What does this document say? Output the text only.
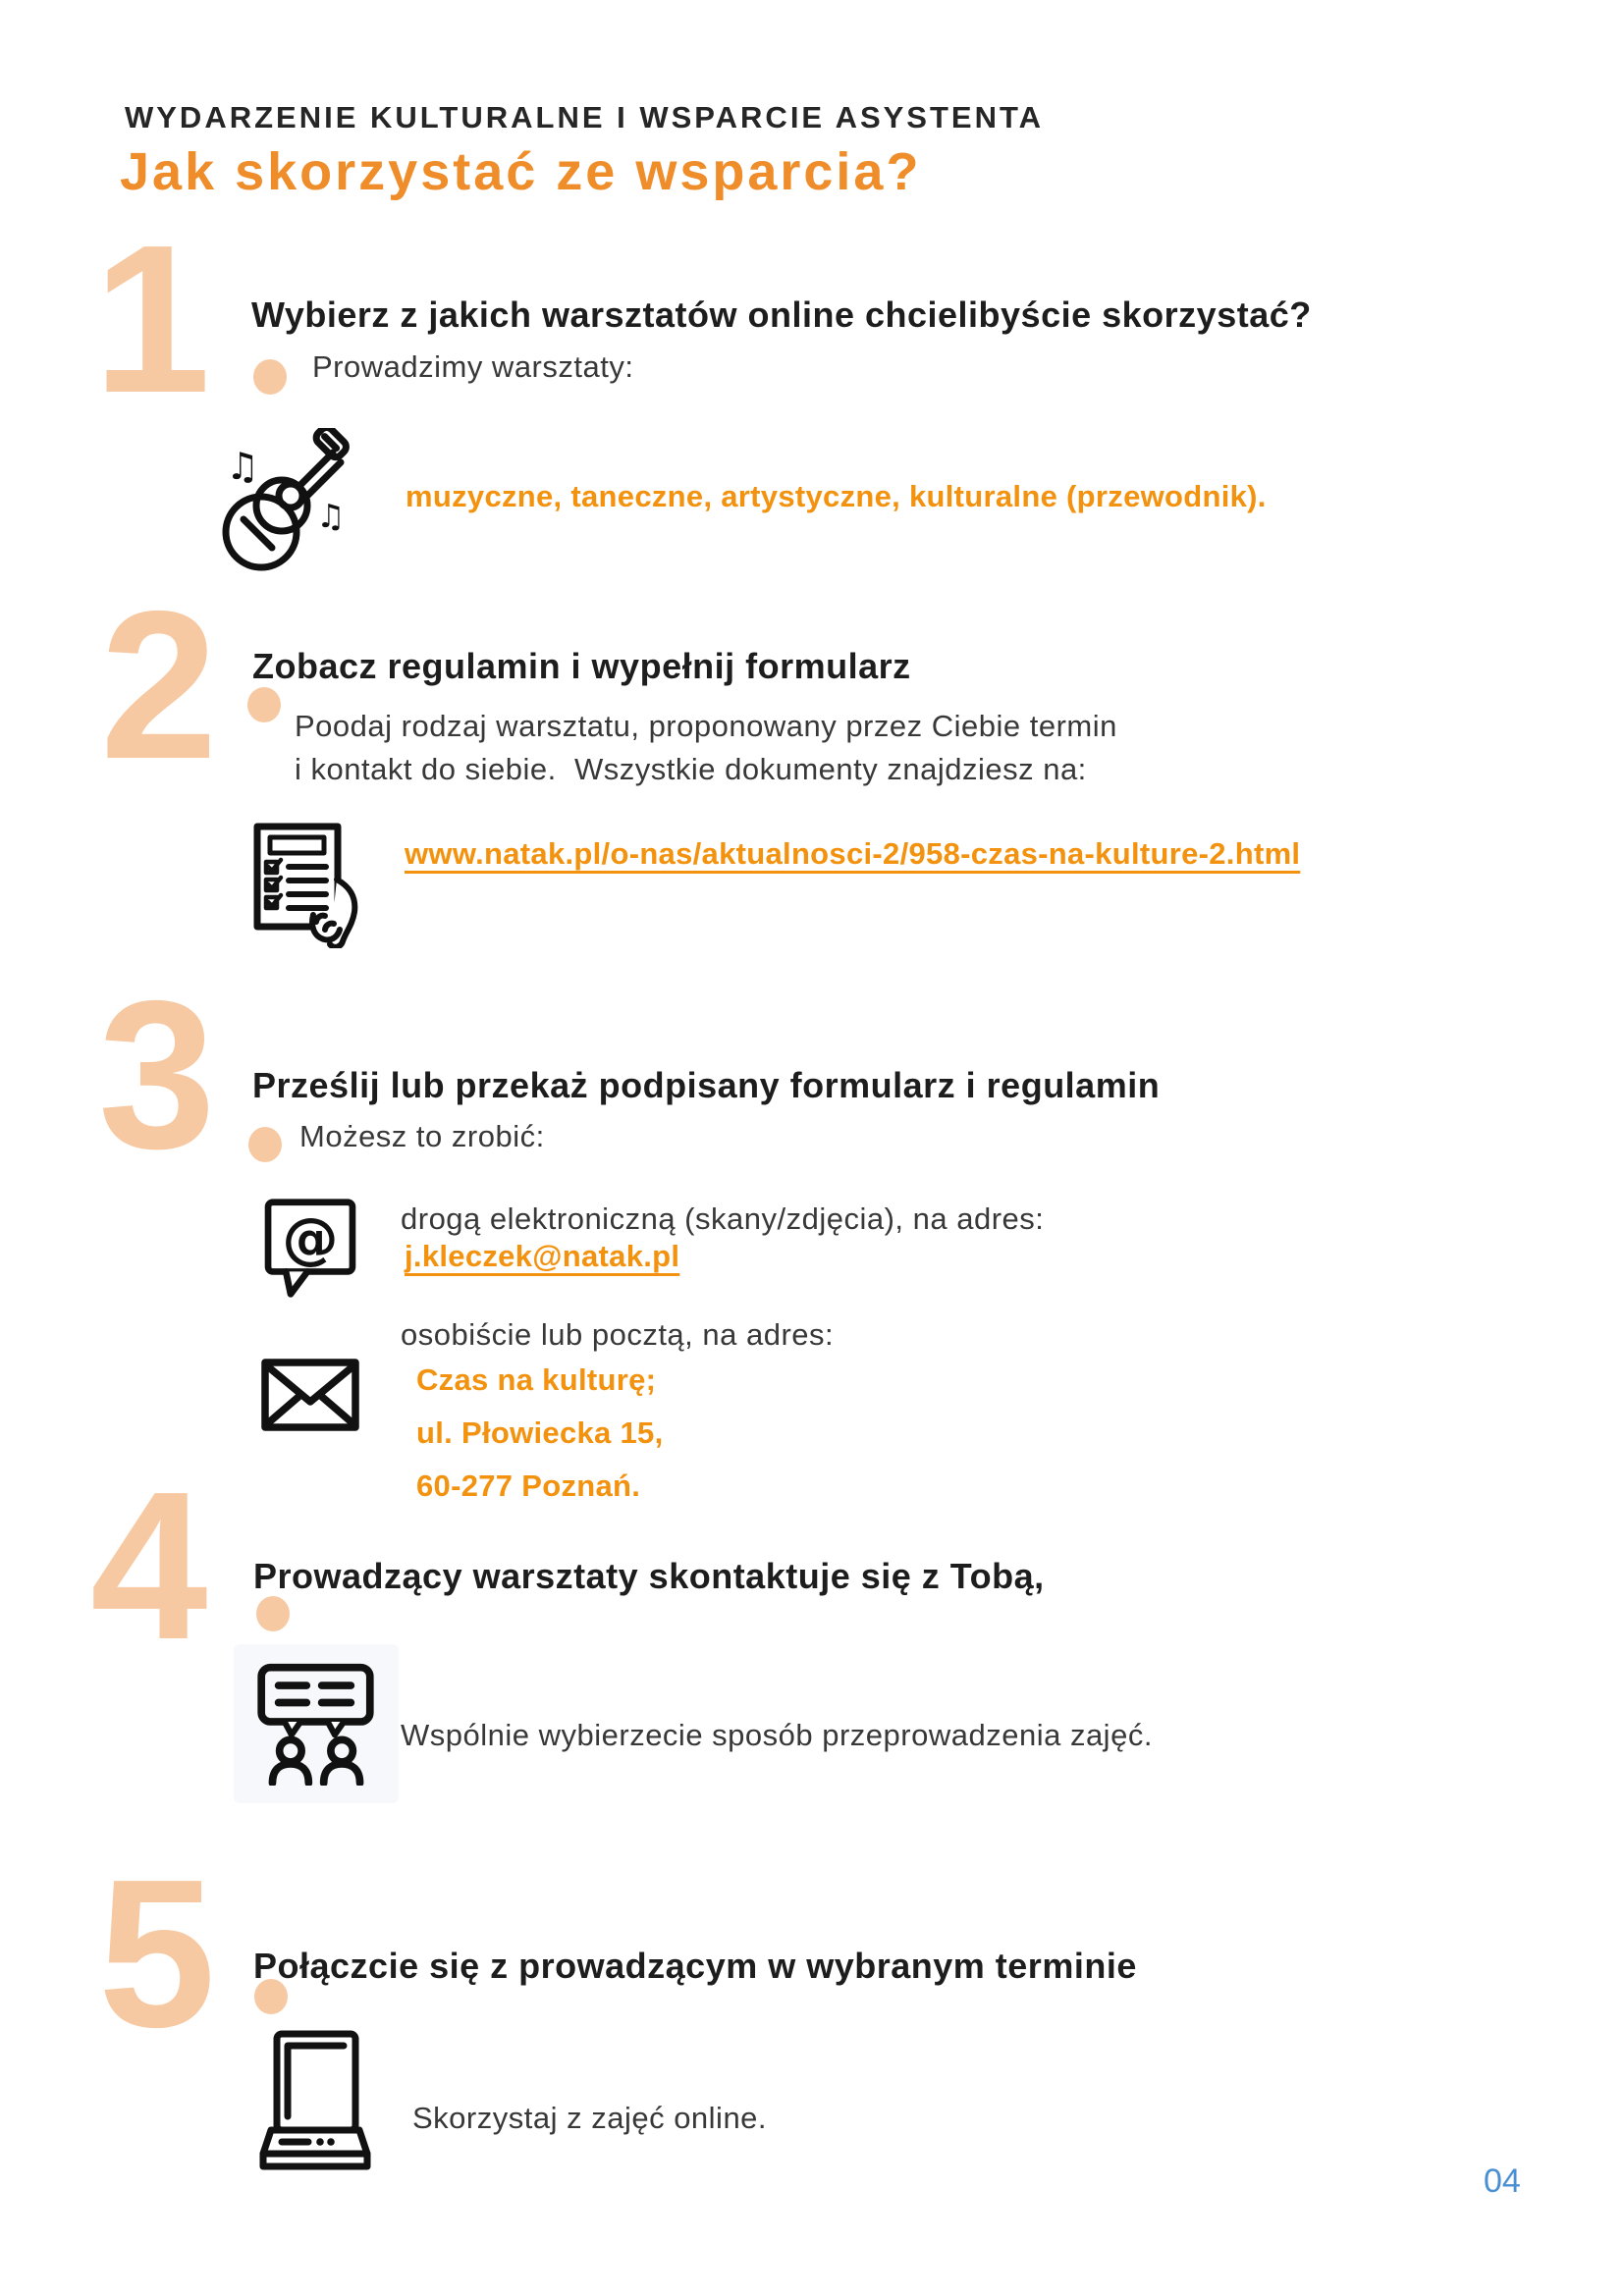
WYDARZENIE KULTURALNE I WSPARCIE ASYSTENTA
Jak skorzystać ze wsparcia?
1 Wybierz z jakich warsztatów online chcielibyście skorzystać?
Prowadzimy warsztaty:
♫
♫
muzyczne, taneczne, artystyczne, kulturalne (przewodnik).
2 Zobacz regulamin i wypełnij formularz
Poodaj rodzaj warsztatu, proponowany przez Ciebie termin
i kontakt do siebie.  Wszystkie dokumenty znajdziesz na:
www.natak.pl/o-nas/aktualnosci-2/958-czas-na-kulture-2.html
3 Prześlij lub przekaż podpisany formularz i regulamin
Możesz to zrobić:
@ drogą elektroniczną (skany/zdjęcia), na adres:
j.kleczek@natak.pl
osobiście lub pocztą, na adres:
Czas na kulturę;
ul. Płowiecka 15,
60-277 Poznań.
4 Prowadzący warsztaty skontaktuje się z Tobą,
Wspólnie wybierzecie sposób przeprowadzenia zajęć.
5 Połączcie się z prowadzącym w wybranym terminie
Skorzystaj z zajęć online.
04
